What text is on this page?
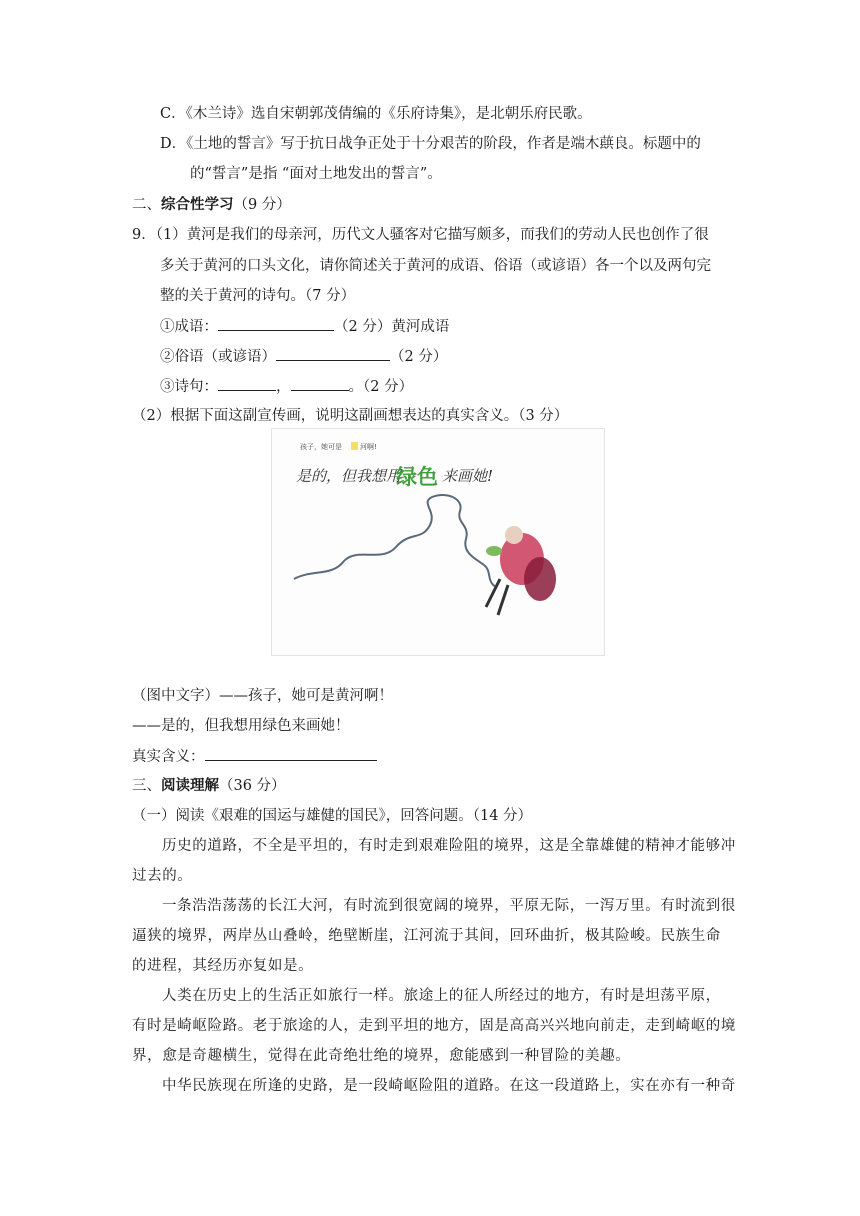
C．《木兰诗》选自宋朝郭茂倩编的《乐府诗集》，是北朝乐府民歌。
D．《土地的誓言》写于抗日战争正处于十分艰苦的阶段，作者是端木蕻良。标题中的
的“誓言”是指 “面对土地发出的誓言”。
二、综合性学习（9 分）
9．（1）黄河是我们的母亲河，历代文人骚客对它描写颇多，而我们的劳动人民也创作了很
多关于黄河的口头文化，请你简述关于黄河的成语、俗语（或谚语）各一个以及两句完
整的关于黄河的诗句。（7 分）
①成语：	（2 分）黄河成语
②俗语（或谚语）	（2 分）
③诗句：	，	。（2 分）
（2）根据下面这副宣传画，说明这副画想表达的真实含义。（3 分）
孩子，她可是	河啊!
是的，但我想用
绿色 来画她!
（图中文字）——孩子，她可是黄河啊！
——是的，但我想用绿色来画她！
真实含义：
三、阅读理解（36 分）
（一）阅读《艰难的国运与雄健的国民》，回答问题。（14 分）
历史的道路，不全是平坦的，有时走到艰难险阻的境界，这是全靠雄健的精神才能够冲
过去的。
一条浩浩荡荡的长江大河，有时流到很宽阔的境界，平原无际，一泻万里。有时流到很
逼狭的境界，两岸丛山叠岭，绝壁断崖，江河流于其间，回环曲折，极其险峻。民族生命
的进程，其经历亦复如是。
人类在历史上的生活正如旅行一样。旅途上的征人所经过的地方，有时是坦荡平原，
有时是崎岖险路。老于旅途的人，走到平坦的地方，固是高高兴兴地向前走，走到崎岖的境
界，愈是奇趣横生，觉得在此奇绝壮绝的境界，愈能感到一种冒险的美趣。
中华民族现在所逢的史路，是一段崎岖险阻的道路。在这一段道路上，实在亦有一种奇
